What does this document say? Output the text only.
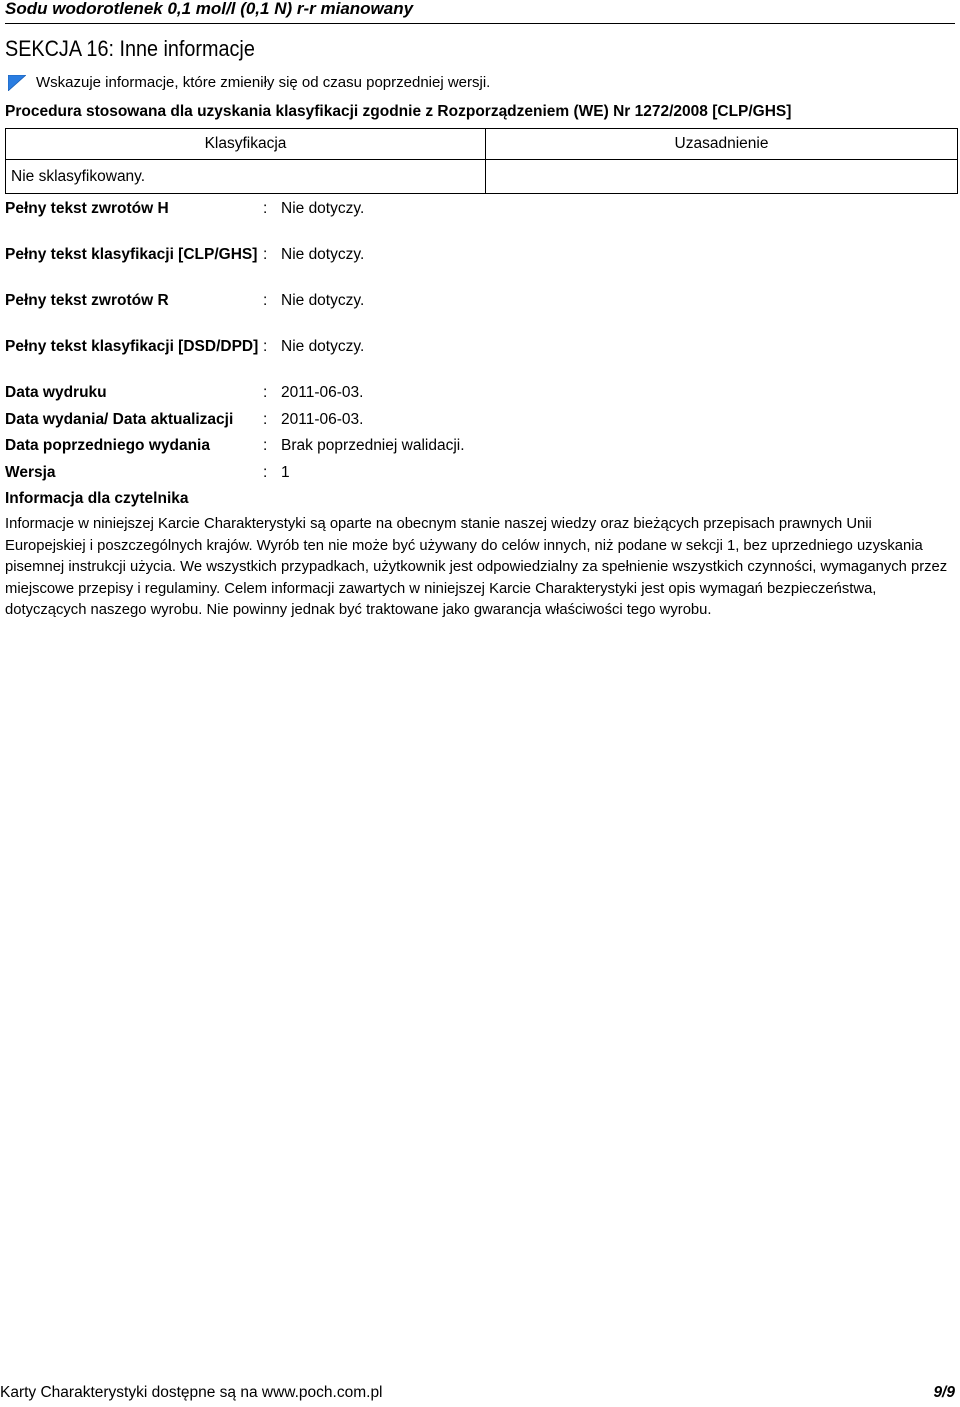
Sodu wodorotlenek 0,1 mol/l (0,1 N) r-r mianowany
SEKCJA 16: Inne informacje
Wskazuje informacje, które zmieniły się od czasu poprzedniej wersji.
Procedura stosowana dla uzyskania klasyfikacji zgodnie z Rozporządzeniem (WE) Nr 1272/2008 [CLP/GHS]
Klasyfikacja	Uzasadnienie
Nie sklasyfikowany.	
Pełny tekst zwrotów H	: Nie dotyczy.
Pełny tekst klasyfikacji [CLP/GHS] : Nie dotyczy.
Pełny tekst zwrotów R	: Nie dotyczy.
Pełny tekst klasyfikacji [DSD/DPD] : Nie dotyczy.
Data wydruku	: 2011-06-03.
Data wydania/ Data aktualizacji : 2011-06-03.
Data poprzedniego wydania	: Brak poprzedniej walidacji.
Wersja	: 1
Informacja dla czytelnika
Informacje w niniejszej Karcie Charakterystyki są oparte na obecnym stanie naszej wiedzy oraz bieżących przepisach prawnych Unii Europejskiej i poszczególnych krajów. Wyrób ten nie może być używany do celów innych, niż podane w sekcji 1, bez uprzedniego uzyskania pisemnej instrukcji użycia. We wszystkich przypadkach, użytkownik jest odpowiedzialny za spełnienie wszystkich czynności, wymaganych przez miejscowe przepisy i regulaminy. Celem informacji zawartych w niniejszej Karcie Charakterystyki jest opis wymagań bezpieczeństwa, dotyczących naszego wyrobu. Nie powinny jednak być traktowane jako gwarancja właściwości tego wyrobu.
Karty Charakterystyki dostępne są na www.poch.com.pl	9/9
